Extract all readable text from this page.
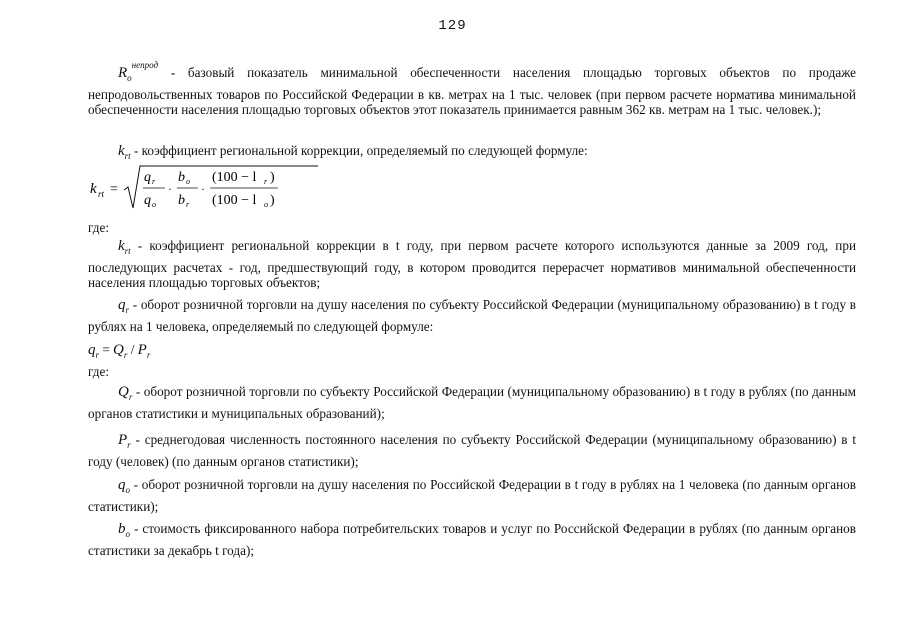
129
$R_o^{непрод}$ - базовый показатель минимальной обеспеченности населения площадью торговых объектов по продаже непродовольственных товаров по Российской Федерации в кв. метрах на 1 тыс. человек (при первом расчете норматива минимальной обеспеченности населения площадью торговых объектов этот показатель принимается равным 362 кв. метрам на 1 тыс. человек.);
$k_{rt}$ - коэффициент региональной коррекции, определяемый по следующей формуле:
k rt =
q r
q o
·
b o
b r
·
(100 − l r )
(100 − l o )
где:
$k_{rt}$ - коэффициент региональной коррекции в t году, при первом расчете которого используются данные за 2009 год, при последующих расчетах - год, предшествующий году, в котором проводится перерасчет нормативов минимальной обеспеченности населения площадью торговых объектов;
$q_r$ - оборот розничной торговли на душу населения по субъекту Российской Федерации (муниципальному образованию) в t году в рублях на 1 человека, определяемый по следующей формуле:
$q_r = Q_r / P_r$
где:
$Q_r$ - оборот розничной торговли по субъекту Российской Федерации (муниципальному образованию) в t году в рублях (по данным органов статистики и муниципальных образований);
$P_r$ - среднегодовая численность постоянного населения по субъекту Российской Федерации (муниципальному образованию) в t году (человек) (по данным органов статистики);
$q_o$ - оборот розничной торговли на душу населения по Российской Федерации в t году в рублях на 1 человека (по данным органов статистики);
$b_o$ - стоимость фиксированного набора потребительских товаров и услуг по Российской Федерации в рублях (по данным органов статистики за декабрь t года);
